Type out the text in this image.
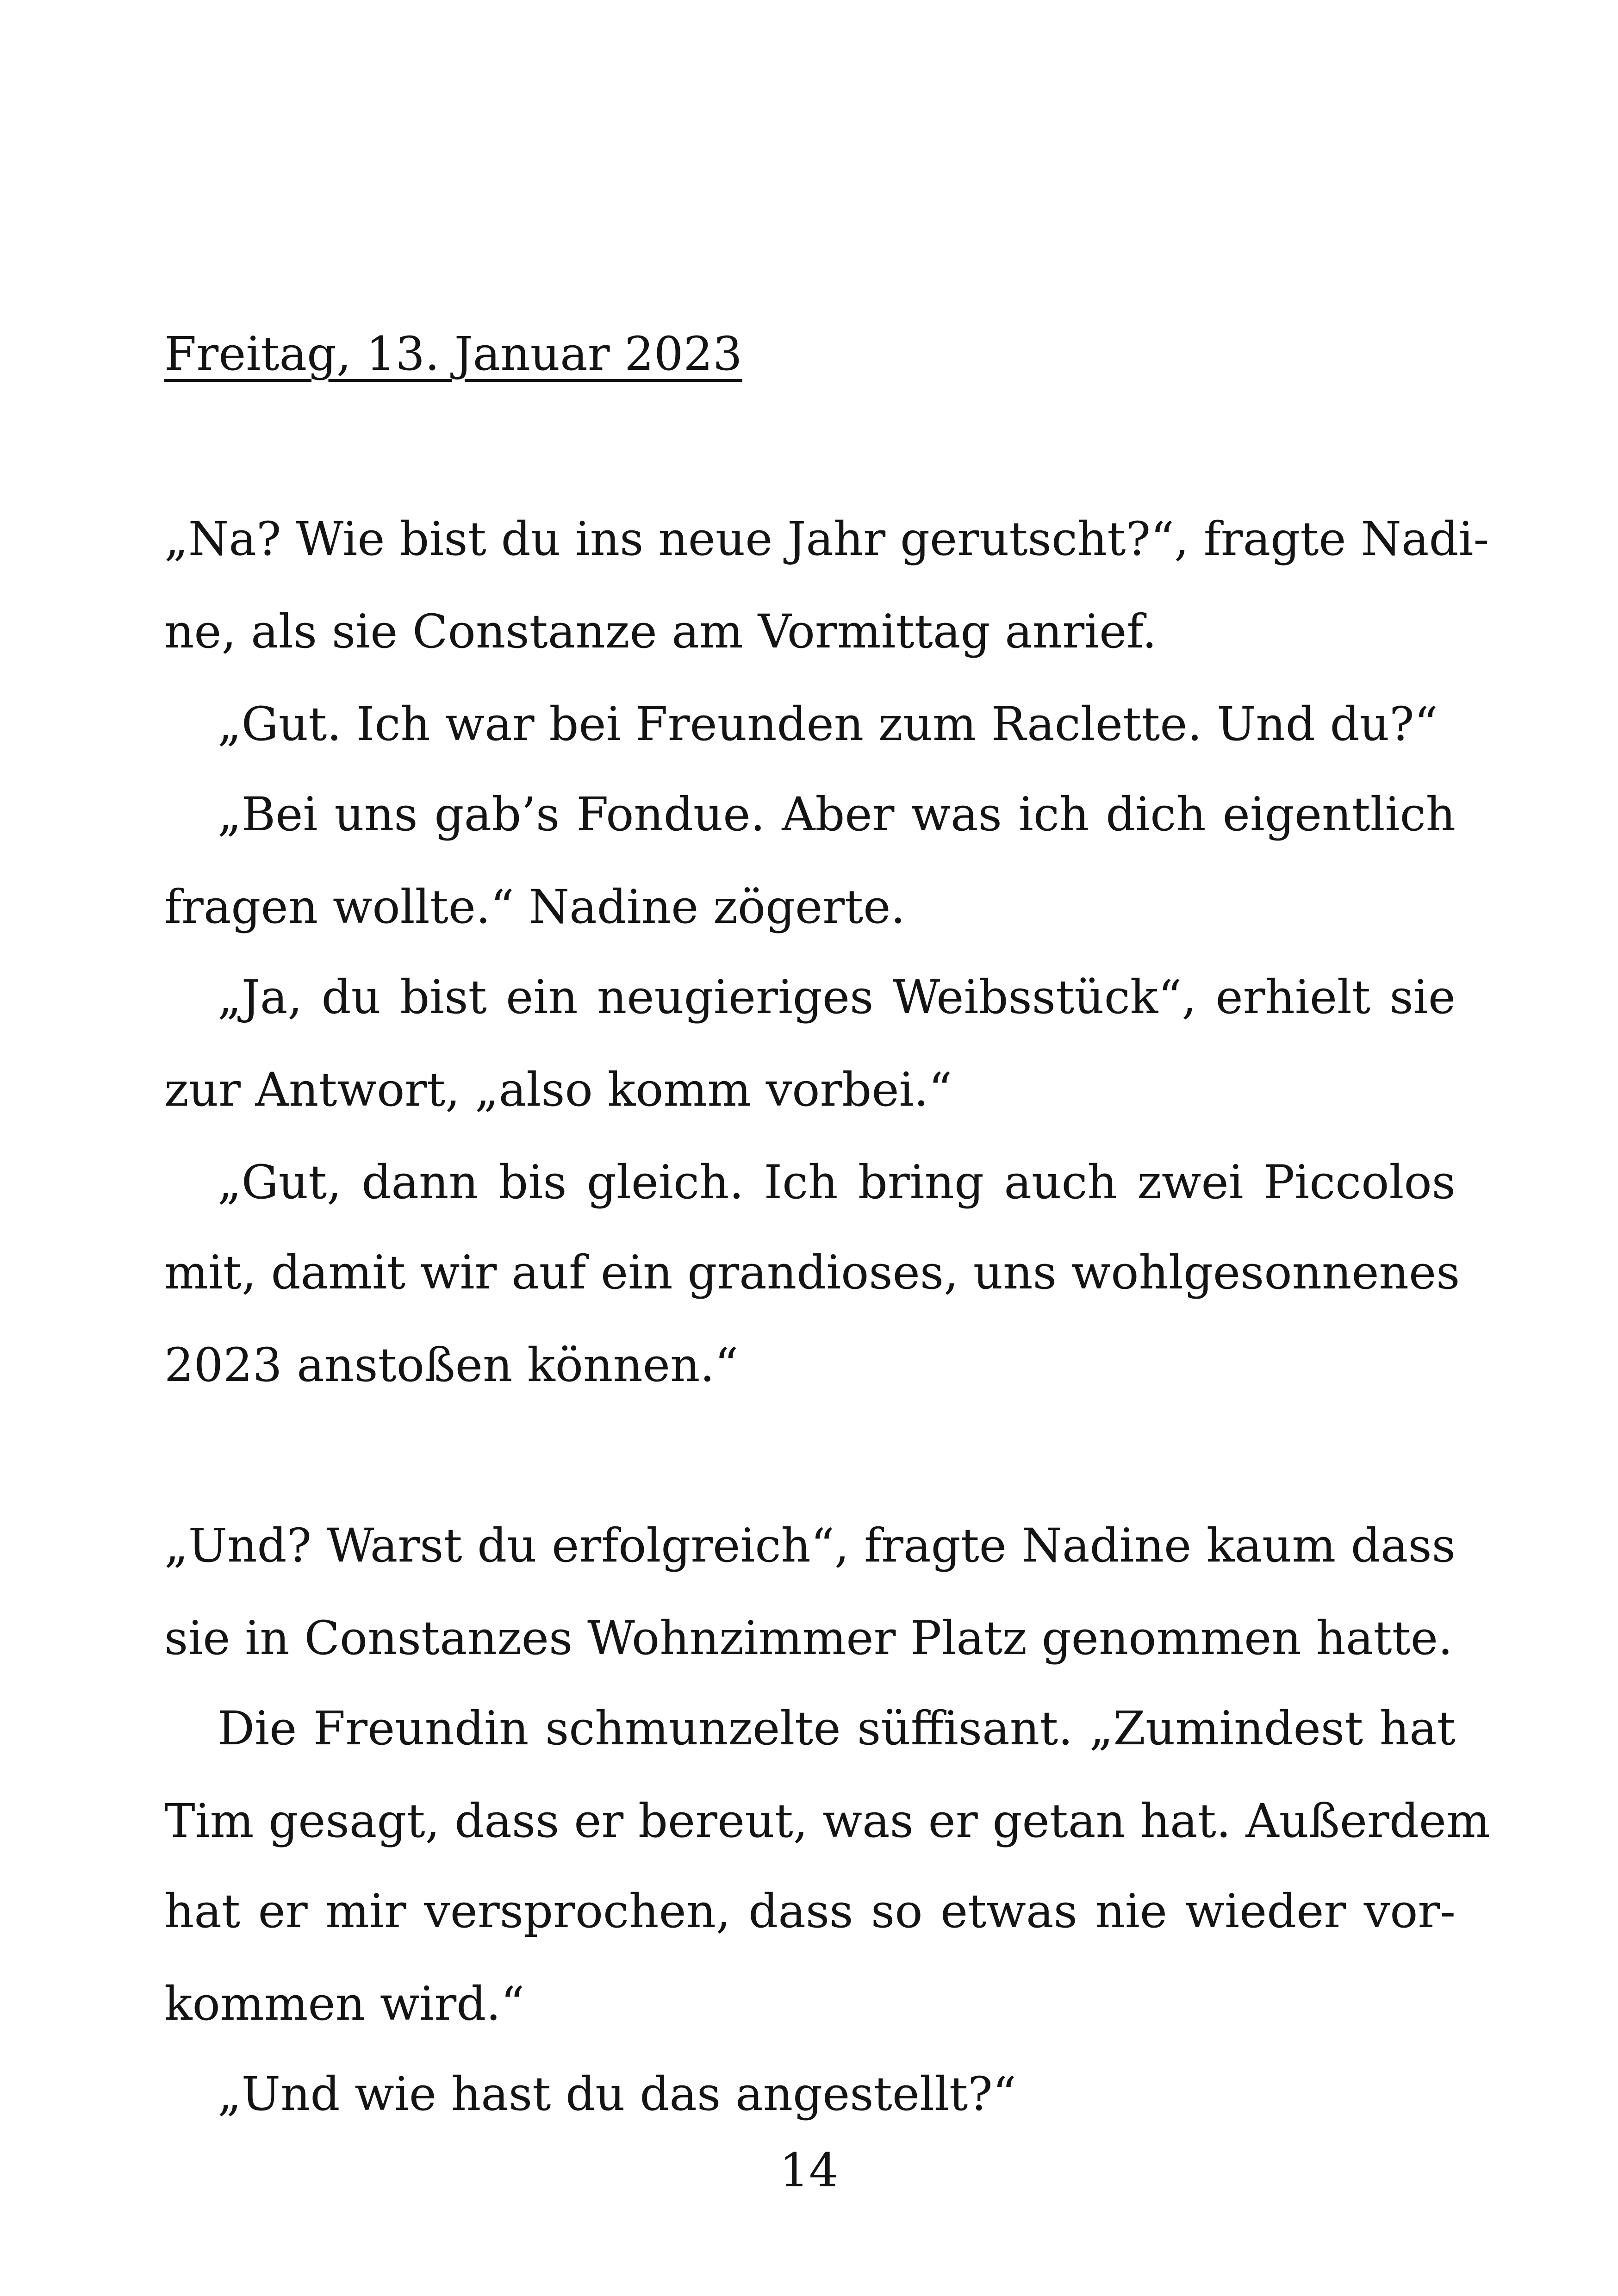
Freitag, 13. Januar 2023

„Na? Wie bist du ins neue Jahr gerutscht?“, fragte Nadi-

ne, als sie Constanze am Vormittag anrief.

„Gut. Ich war bei Freunden zum Raclette. Und du?“

„Bei uns gab’s Fondue. Aber was ich dich eigentlich

fragen wollte.“ Nadine zögerte.

„Ja, du bist ein neugieriges Weibsstück“, erhielt sie

zur Antwort, „also komm vorbei.“

„Gut, dann bis gleich. Ich bring auch zwei Piccolos

mit, damit wir auf ein grandioses, uns wohlgesonnenes

2023 anstoßen können.“

„Und? Warst du erfolgreich“, fragte Nadine kaum dass

sie in Constanzes Wohnzimmer Platz genommen hatte.

Die Freundin schmunzelte süffisant. „Zumindest hat

Tim gesagt, dass er bereut, was er getan hat. Außerdem

hat er mir versprochen, dass so etwas nie wieder vor-

kommen wird.“

„Und wie hast du das angestellt?“

14
